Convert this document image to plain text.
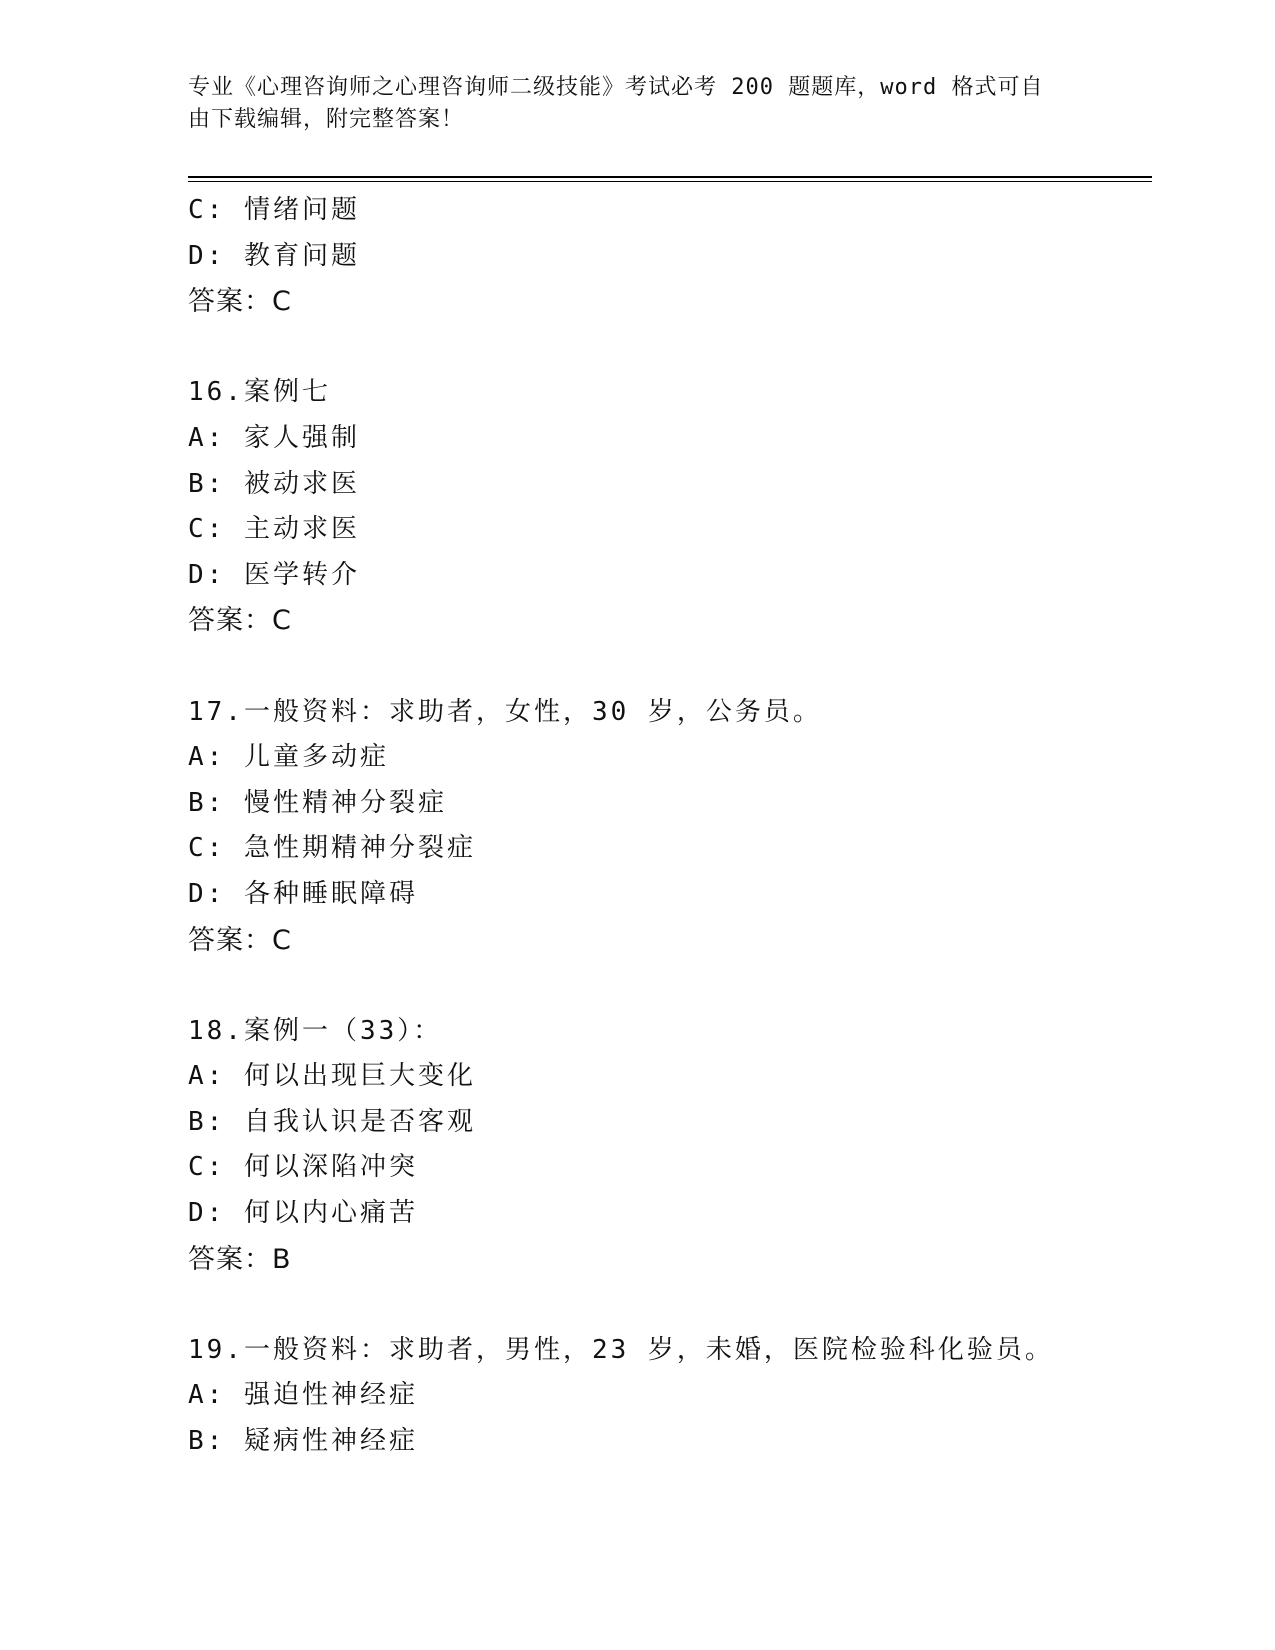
专业《心理咨询师之心理咨询师二级技能》考试必考 200 题题库，word 格式可自
由下载编辑，附完整答案！
C: 情绪问题
D: 教育问题
答案：C
16.案例七
A: 家人强制
B: 被动求医
C: 主动求医
D: 医学转介
答案：C
17.一般资料：求助者，女性，30 岁，公务员。
A: 儿童多动症
B: 慢性精神分裂症
C: 急性期精神分裂症
D: 各种睡眠障碍
答案：C
18.案例一（33）：
A: 何以出现巨大变化
B: 自我认识是否客观
C: 何以深陷冲突
D: 何以内心痛苦
答案：B
19.一般资料：求助者，男性，23 岁，未婚，医院检验科化验员。
A: 强迫性神经症
B: 疑病性神经症
